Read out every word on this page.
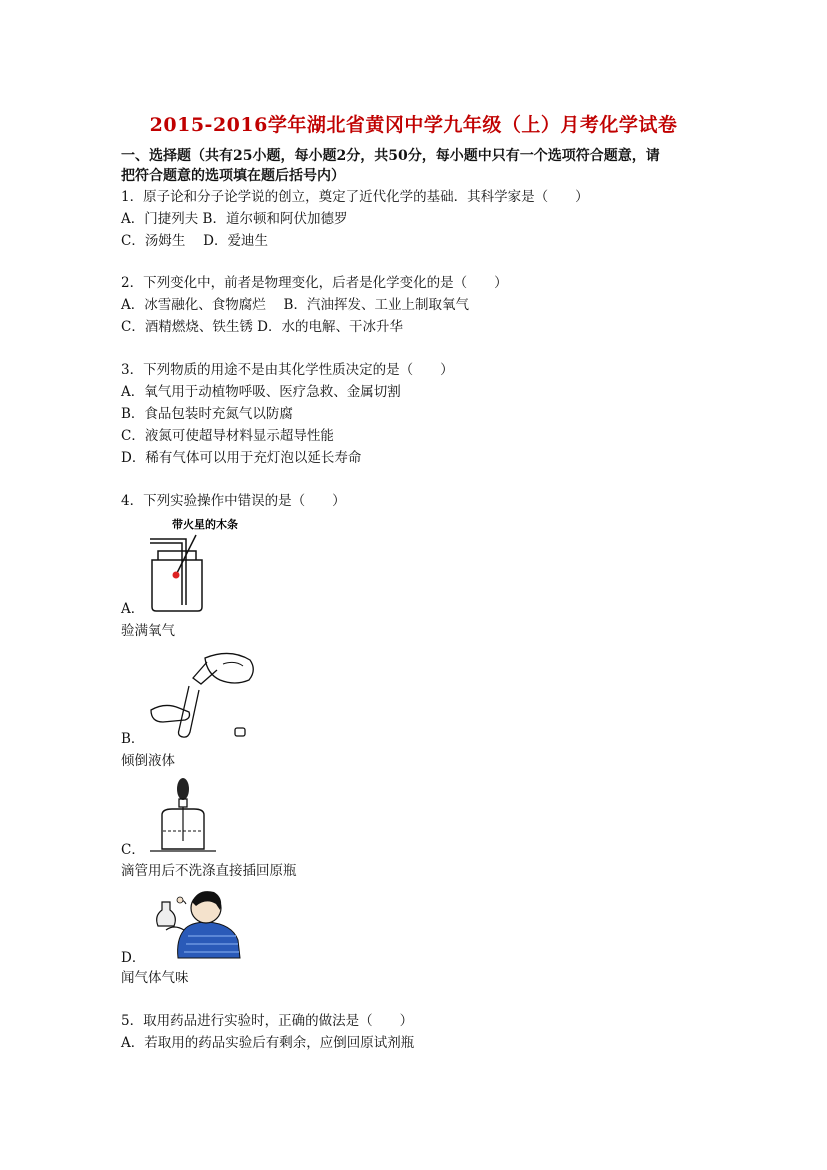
2015-2016学年湖北省黄冈中学九年级（上）月考化学试卷
一、选择题（共有25小题，每小题2分，共50分，每小题中只有一个选项符合题意，请
把符合题意的选项填在题后括号内）
1．原子论和分子论学说的创立，奠定了近代化学的基础．其科学家是（　　）
A．门捷列夫 B．道尔顿和阿伏加德罗
C．汤姆生　 D．爱迪生
2．下列变化中，前者是物理变化，后者是化学变化的是（　　）
A．冰雪融化、食物腐烂　 B．汽油挥发、工业上制取氧气
C．酒精燃烧、铁生锈 D．水的电解、干冰升华
3．下列物质的用途不是由其化学性质决定的是（　　）
A．氧气用于动植物呼吸、医疗急救、金属切割
B．食品包装时充氮气以防腐
C．液氮可使超导材料显示超导性能
D．稀有气体可以用于充灯泡以延长寿命
4．下列实验操作中错误的是（　　）
带火星的木条
A．
验满氧气
B．
倾倒液体
C．
滴管用后不洗涤直接插回原瓶
D．
闻气体气味
5．取用药品进行实验时，正确的做法是（　　）
A．若取用的药品实验后有剩余，应倒回原试剂瓶
